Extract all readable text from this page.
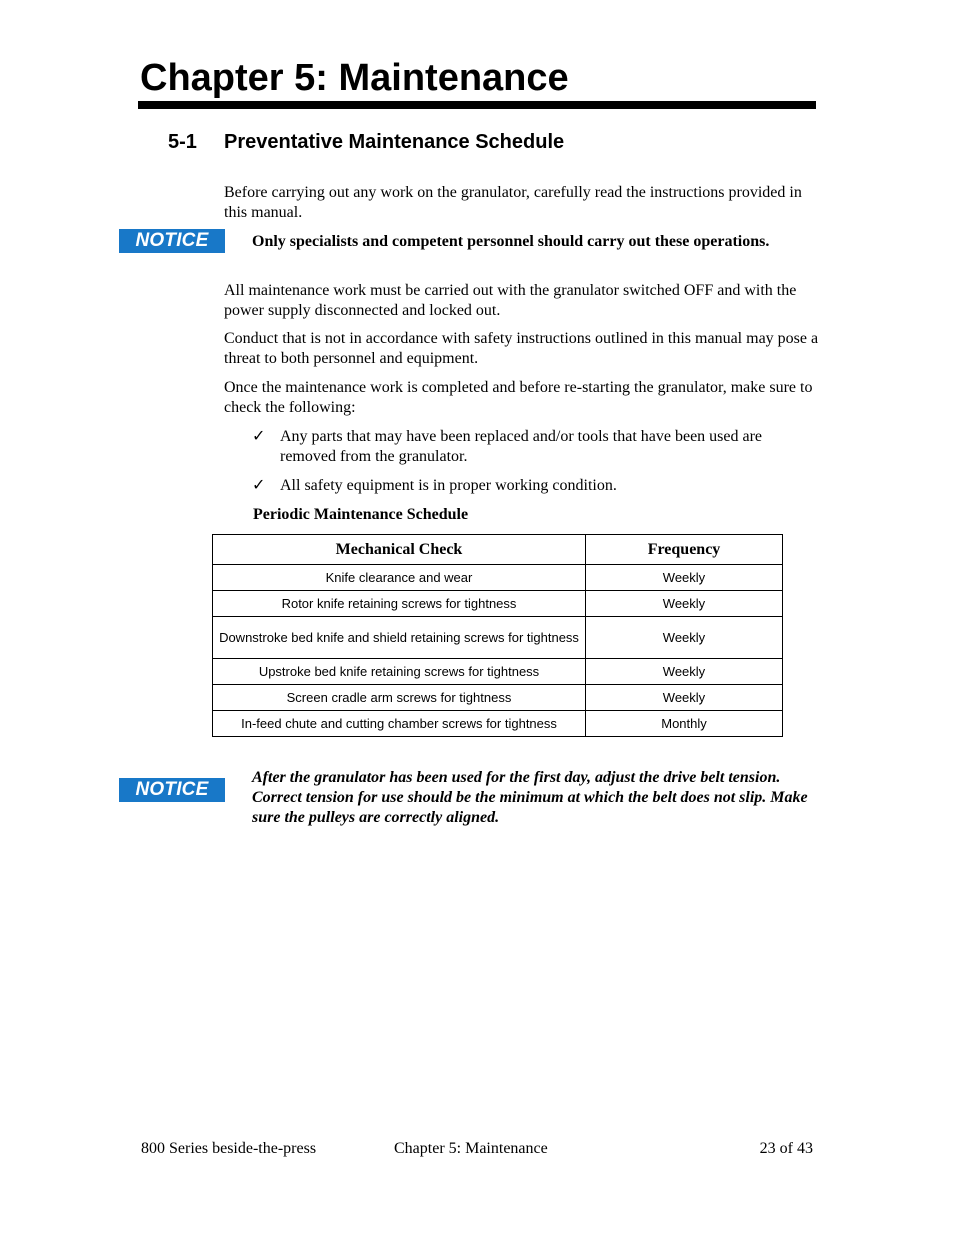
Chapter 5: Maintenance
5-1 Preventative Maintenance Schedule

Before carrying out any work on the granulator, carefully read the instructions provided in this manual.

NOTICE	Only specialists and competent personnel should carry out these operations.

All maintenance work must be carried out with the granulator switched OFF and with the power supply disconnected and locked out.

Conduct that is not in accordance with safety instructions outlined in this manual may pose a threat to both personnel and equipment.

Once the maintenance work is completed and before re-starting the granulator, make sure to check the following:

✓ Any parts that may have been replaced and/or tools that have been used are removed from the granulator.
✓ All safety equipment is in proper working condition.
Periodic Maintenance Schedule
Mechanical Check	Frequency
Knife clearance and wear	Weekly
Rotor knife retaining screws for tightness	Weekly
Downstroke bed knife and shield retaining screws for tightness	Weekly
Upstroke bed knife retaining screws for tightness	Weekly
Screen cradle arm screws for tightness	Weekly
In-feed chute and cutting chamber screws for tightness	Monthly
NOTICE

After the granulator has been used for the first day, adjust the drive belt tension. Correct tension for use should be the minimum at which the belt does not slip. Make sure the pulleys are correctly aligned.

800 Series beside-the-press	Chapter 5: Maintenance	23 of 43
